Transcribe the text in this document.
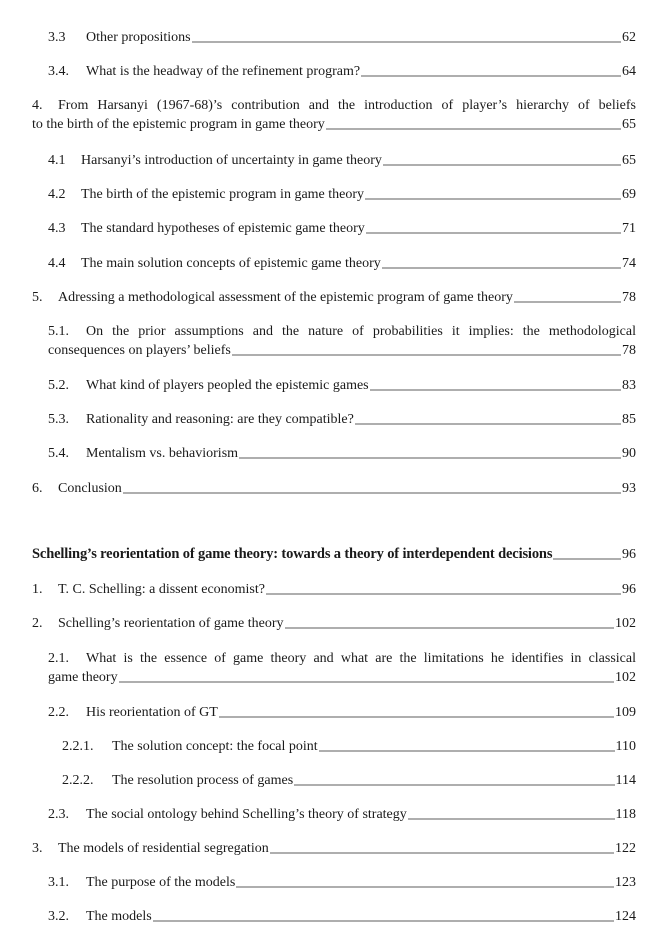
3.3	Other propositions	62
3.4.	What is the headway of the refinement program?	64
4. From Harsanyi (1967-68)’s contribution and the introduction of player’s hierarchy of beliefs
to the birth of the epistemic program in game theory	65
4.1	Harsanyi’s introduction of uncertainty in game theory	65
4.2	The birth of the epistemic program in game theory	69
4.3	The standard hypotheses of epistemic game theory	71
4.4	The main solution concepts of epistemic game theory	74
5.	Adressing a methodological assessment of the epistemic program of game theory	78
5.1. On the prior assumptions and the nature of probabilities it implies: the methodological
consequences on players’ beliefs	78
5.2.	What kind of players peopled the epistemic games	83
5.3.	Rationality and reasoning: are they compatible?	85
5.4.	Mentalism vs. behaviorism	90
6.	Conclusion	93
Schelling’s reorientation of game theory: towards a theory of interdependent decisions	96
1.	T. C. Schelling: a dissent economist?	96
2.	Schelling’s reorientation of game theory	102
2.1. What is the essence of game theory and what are the limitations he identifies in classical
game theory	102
2.2.	His reorientation of GT	109
2.2.1.	The solution concept: the focal point	110
2.2.2.	The resolution process of games	114
2.3.	The social ontology behind Schelling’s theory of strategy	118
3.	The models of residential segregation	122
3.1.	The purpose of the models	123
3.2.	The models	124
